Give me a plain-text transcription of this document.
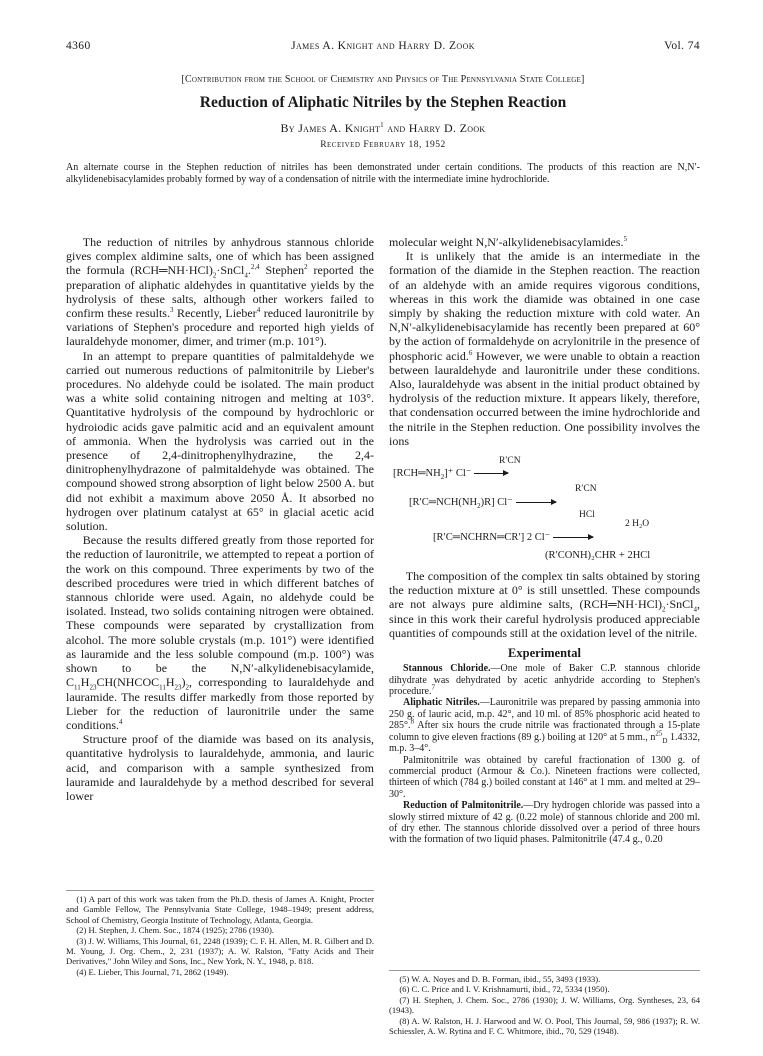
4360	James A. Knight and Harry D. Zook	Vol. 74
[Contribution from the School of Chemistry and Physics of The Pennsylvania State College]
Reduction of Aliphatic Nitriles by the Stephen Reaction
By James A. Knight$^1$ and Harry D. Zook
Received February 18, 1952
An alternate course in the Stephen reduction of nitriles has been demonstrated under certain conditions. The products of this reaction are N,N′-alkylidenebisacylamides probably formed by way of a condensation of nitrile with the intermediate imine hydrochloride.

The reduction of nitriles by anhydrous stannous chloride gives complex aldimine salts, one of which has been assigned the formula $(RCH═NH\cdot HCl)_2\cdot SnCl_4.^{2,4}$ Stephen$^2$ reported the preparation of aliphatic aldehydes in quantitative yields by the hydrolysis of these salts, although other workers failed to confirm these results.$^3$ Recently, Lieber$^4$ reduced lauronitrile by variations of Stephen's procedure and reported high yields of lauraldehyde monomer, dimer, and trimer (m.p. 101°).

In an attempt to prepare quantities of palmitaldehyde we carried out numerous reductions of palmitonitrile by Lieber's procedures. No aldehyde could be isolated. The main product was a white solid containing nitrogen and melting at 103°. Quantitative hydrolysis of the compound by hydrochloric or hydroiodic acids gave palmitic acid and an equivalent amount of ammonia. When the hydrolysis was carried out in the presence of 2,4-dinitrophenylhydrazine, the 2,4-dinitrophenylhydrazone of palmitaldehyde was obtained. The compound showed strong absorption of light below 2500 A. but did not exhibit a maximum above 2050 Å. It absorbed no hydrogen over platinum catalyst at 65° in glacial acetic acid solution.

Because the results differed greatly from those reported for the reduction of lauronitrile, we attempted to repeat a portion of the work on this compound. Three experiments by two of the described procedures were tried in which different batches of stannous chloride were used. Again, no aldehyde could be isolated. Instead, two solids containing nitrogen were obtained. These compounds were separated by crystallization from alcohol. The more soluble crystals (m.p. 101°) were identified as lauramide and the less soluble compound (m.p. 100°) was shown to be the N,N′-alkylidenebisacylamide, $C_{11}H_{23}CH(NHCOC_{11}H_{23})_2$, corresponding to lauraldehyde and lauramide. The results differ markedly from those reported by Lieber for the reduction of lauronitrile under the same conditions.$^4$

Structure proof of the diamide was based on its analysis, quantitative hydrolysis to lauraldehyde, ammonia, and lauric acid, and comparison with a sample synthesized from lauramide and lauraldehyde by a method described for several lower

molecular weight N,N′-alkylidenebisacylamides.$^5$

It is unlikely that the amide is an intermediate in the formation of the diamide in the Stephen reaction. The reaction of an aldehyde with an amide requires vigorous conditions, whereas in this work the diamide was obtained in one case simply by shaking the reduction mixture with cold water. An N,N′-alkylidenebisacylamide has recently been prepared at 60° by the action of formaldehyde on acrylonitrile in the presence of phosphoric acid.$^6$ However, we were unable to obtain a reaction between lauraldehyde and lauronitrile under these conditions. Also, lauraldehyde was absent in the initial product obtained by hydrolysis of the reduction mixture. It appears likely, therefore, that condensation occurred between the imine hydrochloride and the nitrile in the Stephen reduction. One possibility involves the ions

$[RCH═NH_2]^+$ Cl⁻ →
R′CN
$[R'C═NCH(NH_2)R] Cl^-$ →
R′CN
HCl
[R′C═NCHRN═CR′] 2 Cl⁻ →
2 H₂O
(R′CONH)₂CHR + 2HCl

The composition of the complex tin salts obtained by storing the reduction mixture at 0° is still unsettled. These compounds are not always pure aldimine salts, $(RCH═NH\cdot HCl)_2\cdot SnCl_4$, since in this work their careful hydrolysis produced appreciable quantities of compounds still at the oxidation level of the nitrile.

Experimental

Stannous Chloride.—One mole of Baker C.P. stannous chloride dihydrate was dehydrated by acetic anhydride according to Stephen's procedure.$^7$

Aliphatic Nitriles.—Lauronitrile was prepared by passing ammonia into 250 g. of lauric acid, m.p. 42°, and 10 ml. of 85% phosphoric acid heated to 285°.$^8$ After six hours the crude nitrile was fractionated through a 15-plate column to give eleven fractions (89 g.) boiling at 120° at 5 mm., $n^{25}_D$ 1.4332, m.p. 3–4°.

Palmitonitrile was obtained by careful fractionation of 1300 g. of commercial product (Armour & Co.). Nineteen fractions were collected, thirteen of which (784 g.) boiled constant at 146° at 1 mm. and melted at 29–30°.

Reduction of Palmitonitrile.—Dry hydrogen chloride was passed into a slowly stirred mixture of 42 g. (0.22 mole) of stannous chloride and 200 ml. of dry ether. The stannous chloride dissolved over a period of three hours with the formation of two liquid phases. Palmitonitrile (47.4 g., 0.20

(1) A part of this work was taken from the Ph.D. thesis of James A. Knight, Procter and Gamble Fellow, The Pennsylvania State College, 1948–1949; present address, School of Chemistry, Georgia Institute of Technology, Atlanta, Georgia.

(2) H. Stephen, J. Chem. Soc., 1874 (1925); 2786 (1930).

(3) J. W. Williams, This Journal, 61, 2248 (1939); C. F. H. Allen, M. R. Gilbert and D. M. Young, J. Org. Chem., 2, 231 (1937); A. W. Ralston, "Fatty Acids and Their Derivatives," John Wiley and Sons, Inc., New York, N. Y., 1948, p. 818.

(4) E. Lieber, This Journal, 71, 2862 (1949).

(5) W. A. Noyes and D. B. Forman, ibid., 55, 3493 (1933).

(6) C. C. Price and I. V. Krishnamurti, ibid., 72, 5334 (1950).

(7) H. Stephen, J. Chem. Soc., 2786 (1930); J. W. Williams, Org. Syntheses, 23, 64 (1943).

(8) A. W. Ralston, H. J. Harwood and W. O. Pool, This Journal, 59, 986 (1937); R. W. Schiessler, A. W. Rytina and F. C. Whitmore, ibid., 70, 529 (1948).
